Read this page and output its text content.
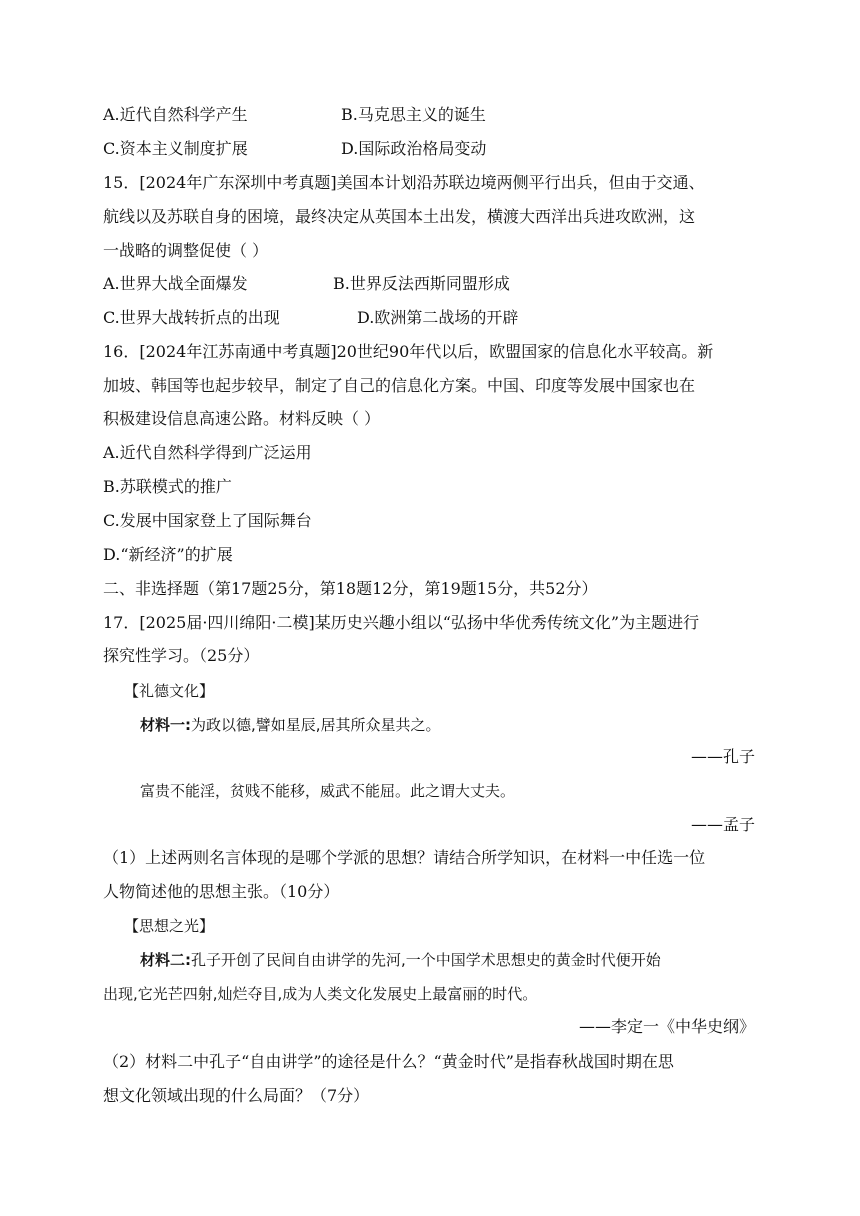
A.近代自然科学产生	B.马克思主义的诞生
C.资本主义制度扩展	D.国际政治格局变动
15．[2024年广东深圳中考真题]美国本计划沿苏联边境两侧平行出兵，但由于交通、
航线以及苏联自身的困境，最终决定从英国本土出发，横渡大西洋出兵进攻欧洲，这
一战略的调整促使（ ）
A.世界大战全面爆发	B.世界反法西斯同盟形成
C.世界大战转折点的出现	D.欧洲第二战场的开辟
16．[2024年江苏南通中考真题]20世纪90年代以后，欧盟国家的信息化水平较高。新
加坡、韩国等也起步较早，制定了自己的信息化方案。中国、印度等发展中国家也在
积极建设信息高速公路。材料反映（ ）
A.近代自然科学得到广泛运用
B.苏联模式的推广
C.发展中国家登上了国际舞台
D.“新经济”的扩展
二、非选择题（第17题25分，第18题12分，第19题15分，共52分）
17．[2025届·四川绵阳·二模]某历史兴趣小组以“弘扬中华优秀传统文化”为主题进行
探究性学习。（25分）
【礼德文化】
材料一:为政以德,譬如星辰,居其所众星共之。
——孔子
富贵不能淫，贫贱不能移，威武不能屈。此之谓大丈夫。
——孟子
（1）上述两则名言体现的是哪个学派的思想？请结合所学知识，在材料一中任选一位
人物简述他的思想主张。（10分）
【思想之光】
材料二:孔子开创了民间自由讲学的先河,一个中国学术思想史的黄金时代便开始
出现,它光芒四射,灿烂夺目,成为人类文化发展史上最富丽的时代。
——李定一《中华史纲》
（2）材料二中孔子“自由讲学”的途径是什么？“黄金时代”是指春秋战国时期在思
想文化领域出现的什么局面？（7分）
